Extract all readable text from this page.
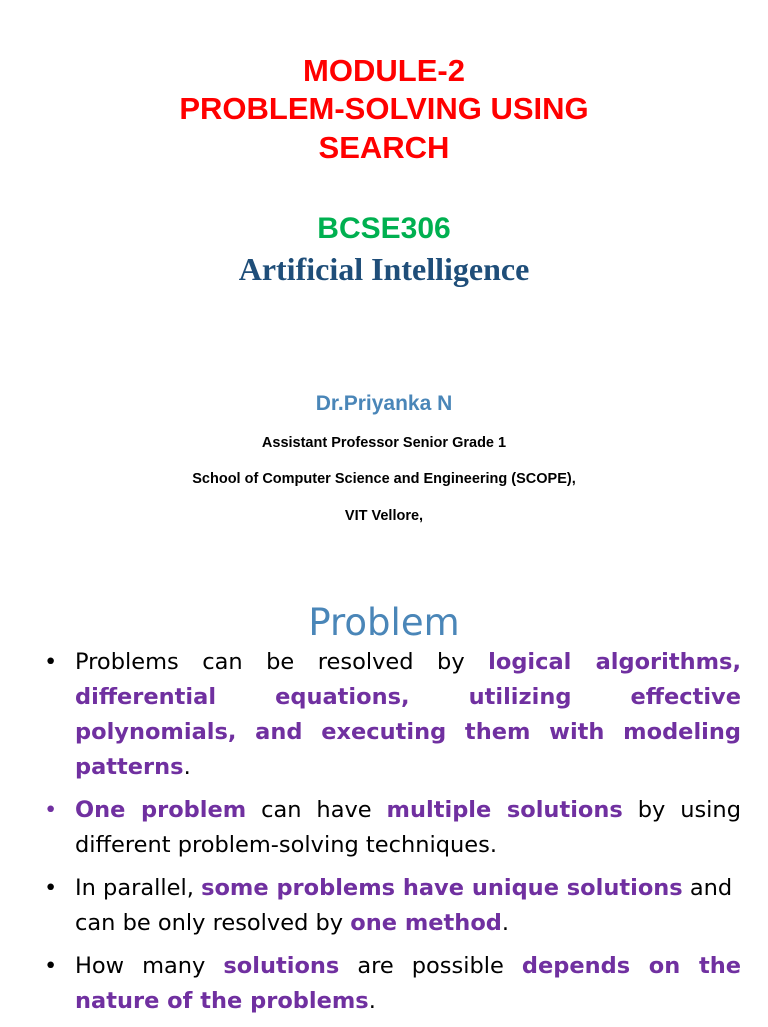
MODULE-2
PROBLEM-SOLVING USING
SEARCH

BCSE306

Artificial Intelligence

Dr.Priyanka N

Assistant Professor Senior Grade 1

School of Computer Science and Engineering (SCOPE),

VIT Vellore,

Problem
• Problems can be resolved by logical algorithms, differential equations, utilizing effective polynomials, and executing them with modeling patterns.
• One problem can have multiple solutions by using different problem-solving techniques.
• In parallel, some problems have unique solutions and can be only resolved by one method.
• How many solutions are possible depends on the nature of the problems.
